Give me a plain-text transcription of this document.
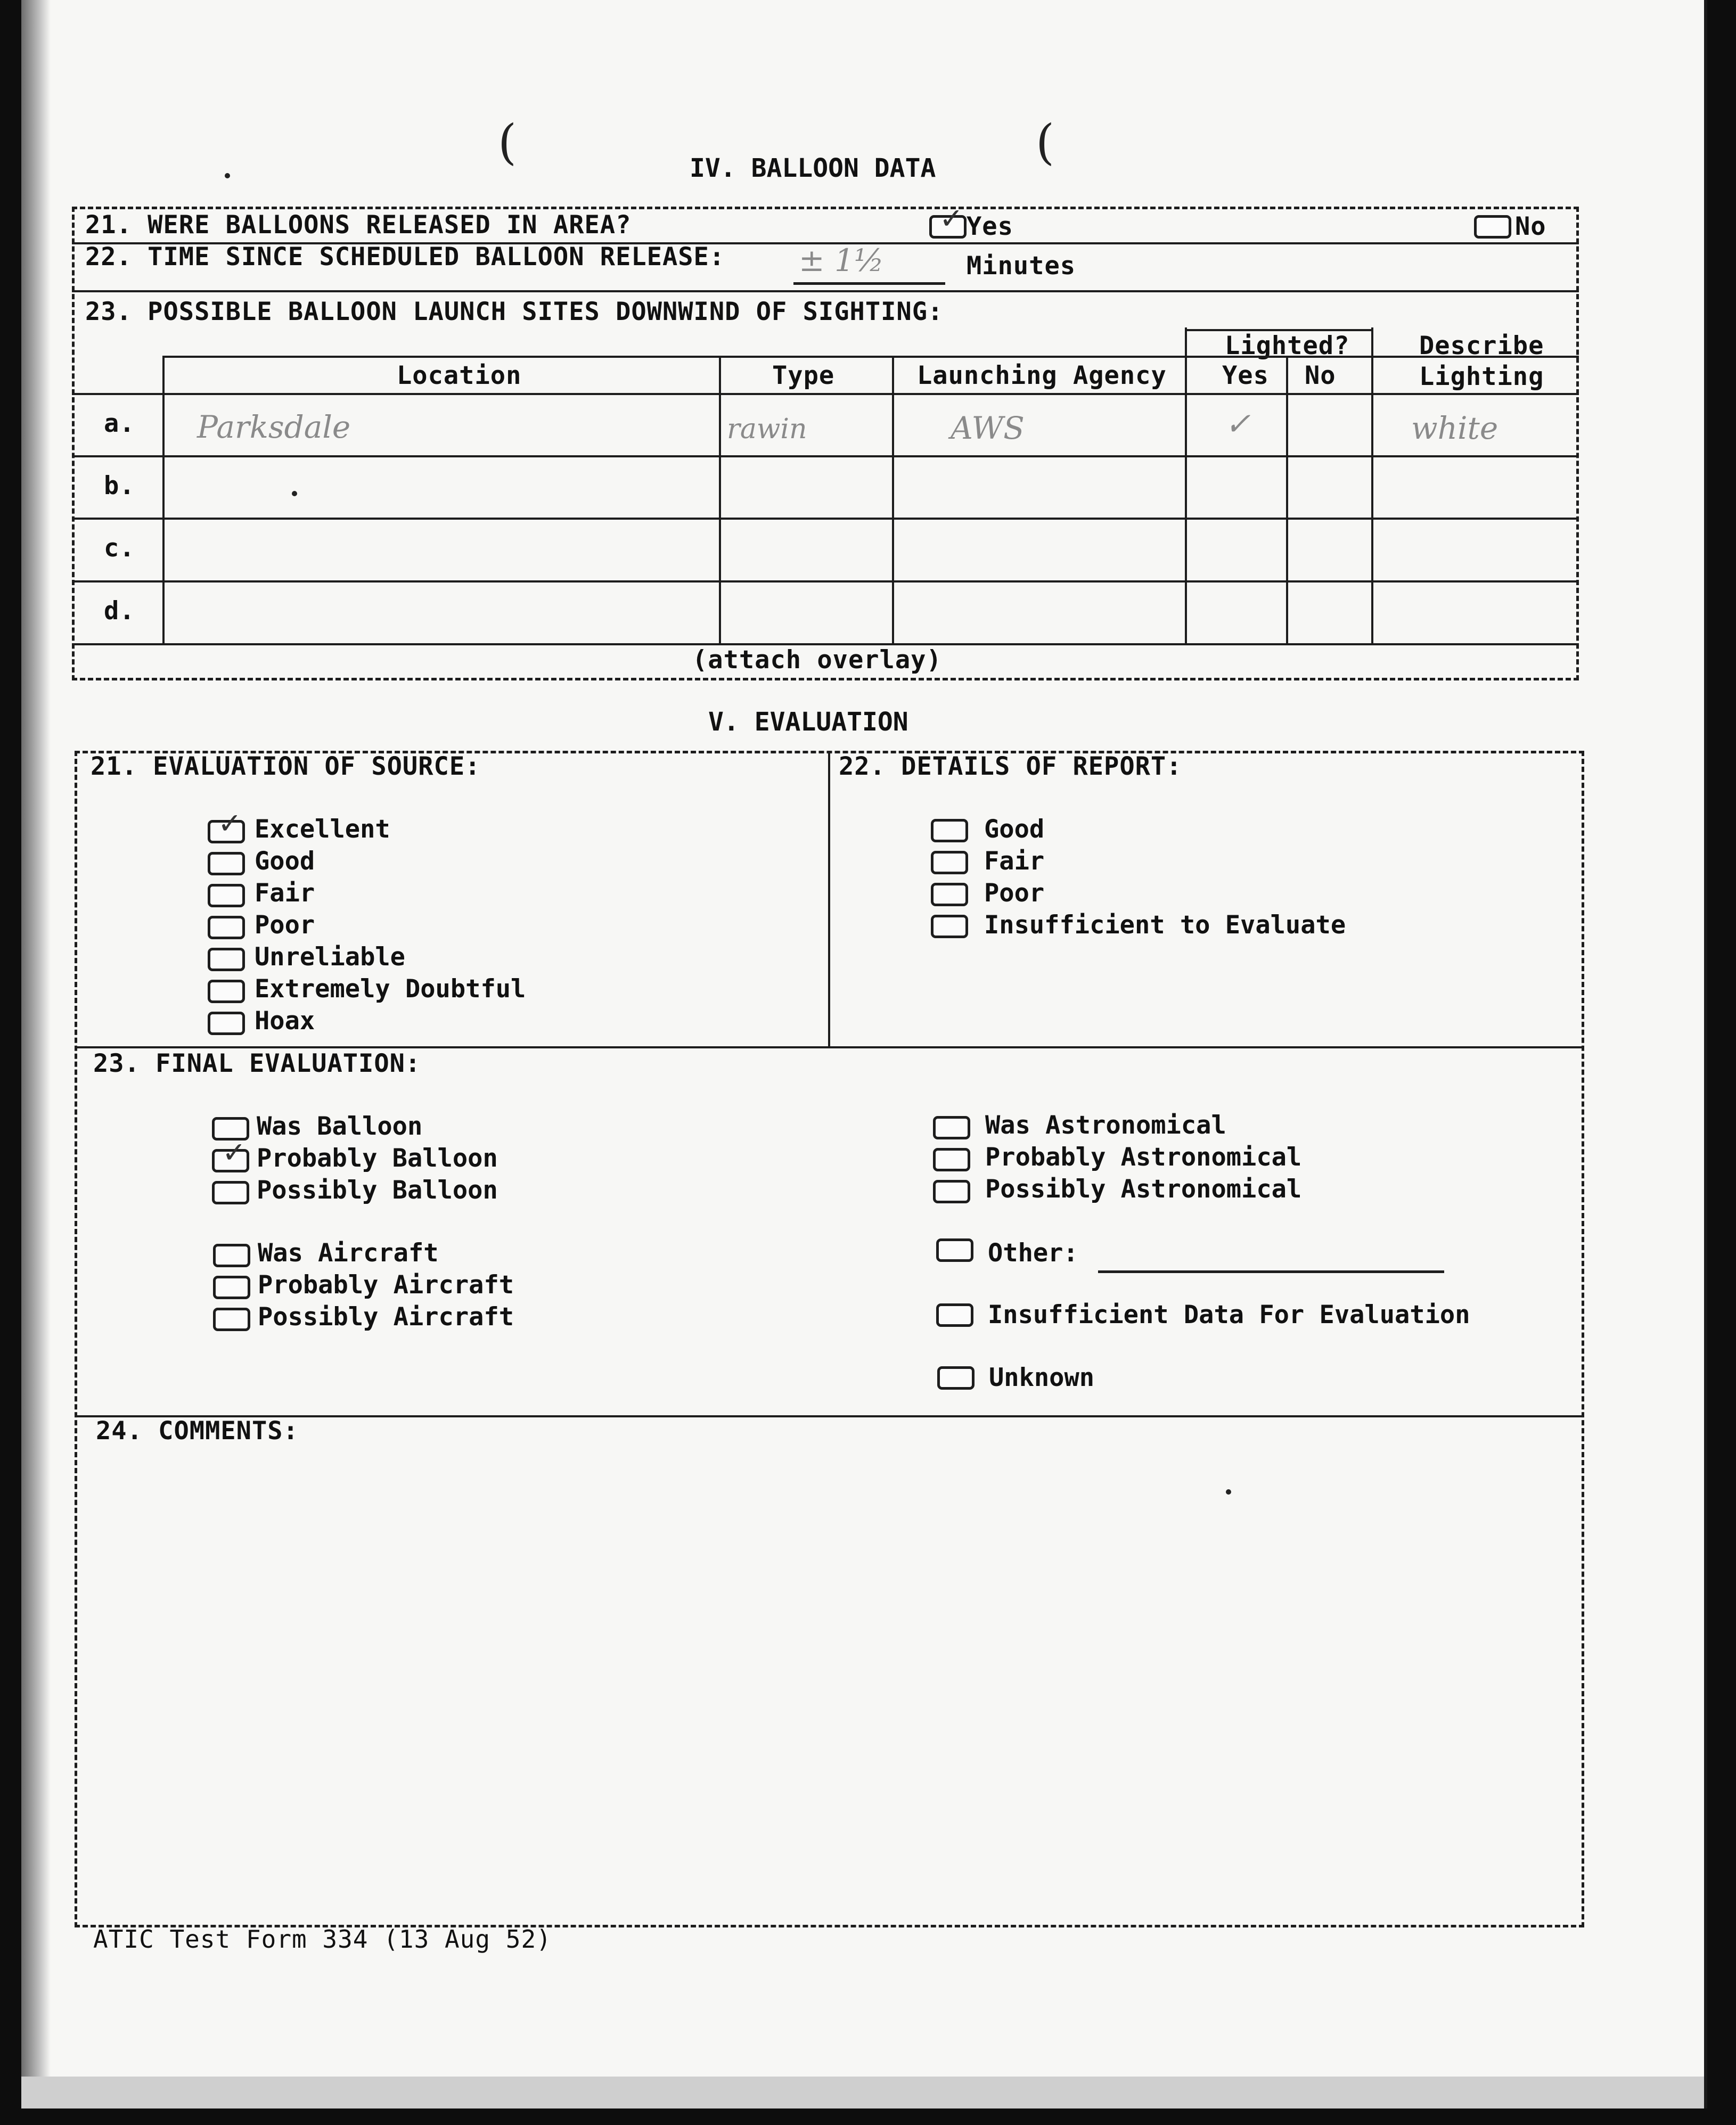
(	(
IV. BALLOON DATA
21. WERE BALLOONS RELEASED IN AREA?
✓	Yes	No
22. TIME SINCE SCHEDULED BALLOON RELEASE: ± 1½	Minutes
23. POSSIBLE BALLOON LAUNCH SITES DOWNWIND OF SIGHTING:
Lighted?	Describe
Location	Type	Launching Agency Yes No	Lighting
a. Parksdale	rawin	AWS	✓	white
b.
c.
d.
(attach overlay)
V. EVALUATION
21. EVALUATION OF SOURCE:
✓
Excellent
Good
Fair
Poor
Unreliable
Extremely Doubtful
Hoax
22. DETAILS OF REPORT:
Good
Fair
Poor
Insufficient to Evaluate
23. FINAL EVALUATION:
Was Balloon
✓
Probably Balloon
Possibly Balloon
Was Aircraft
Probably Aircraft
Possibly Aircraft
Was Astronomical
Probably Astronomical
Possibly Astronomical
Other:
Insufficient Data For Evaluation
Unknown
24. COMMENTS:
ATIC Test Form 334 (13 Aug 52)
